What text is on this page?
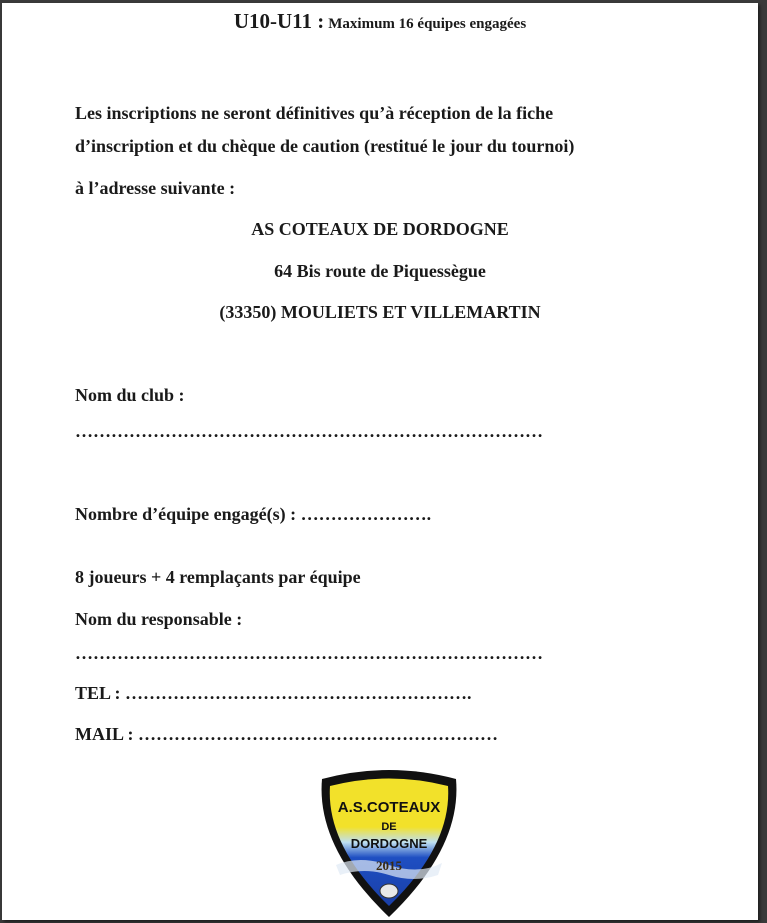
U10-U11 : Maximum 16 équipes engagées
Les inscriptions ne seront définitives qu’à réception de la fiche
d’inscription et du chèque de caution (restitué le jour du tournoi)
à l’adresse suivante :
AS COTEAUX DE DORDOGNE
64 Bis route de Piquessègue
(33350) MOULIETS ET VILLEMARTIN
Nom du club :
……………………………………………………………………
Nombre d’équipe engagé(s) : ………………….
8 joueurs + 4 remplaçants par équipe
Nom du responsable :
……………………………………………………………………
TEL : ………………………………………………….
MAIL : ……………………………………………………
A.S.COTEAUX
DE
DORDOGNE
2015
